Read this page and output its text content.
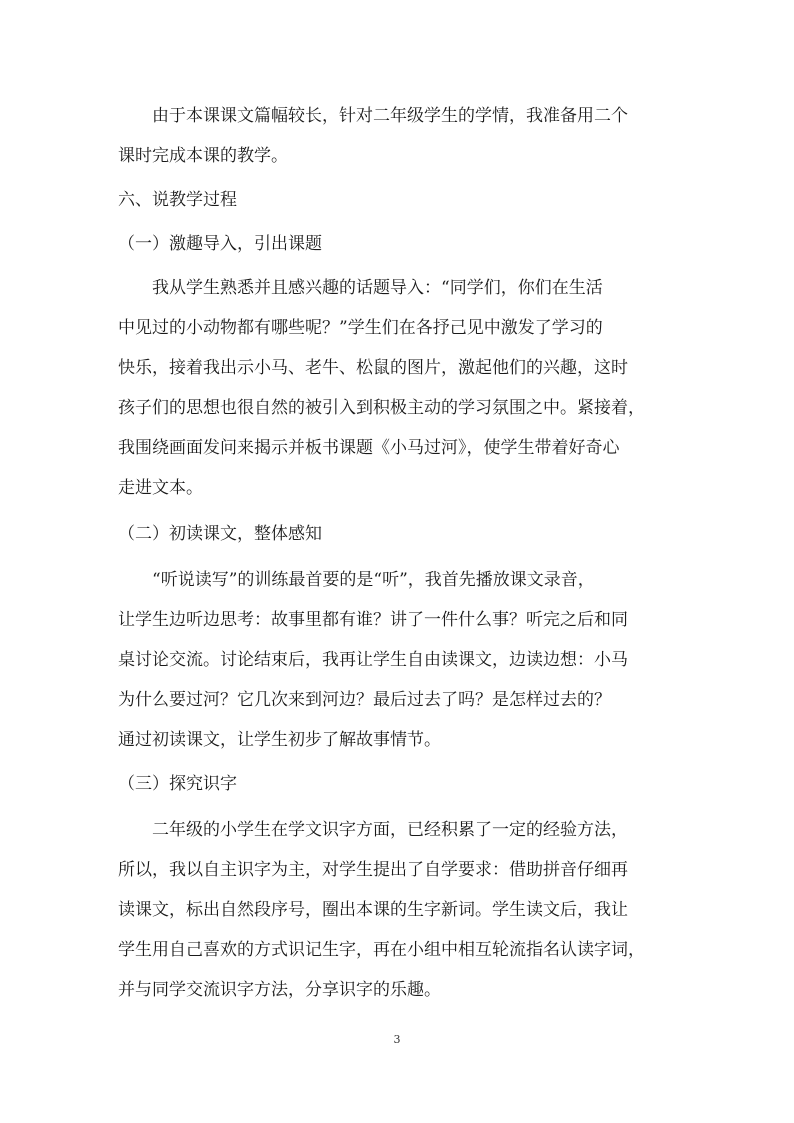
由于本课课文篇幅较长，针对二年级学生的学情，我准备用二个
课时完成本课的教学。
六、说教学过程
（一）激趣导入，引出课题
我从学生熟悉并且感兴趣的话题导入：“同学们，你们在生活
中见过的小动物都有哪些呢？”学生们在各抒己见中激发了学习的
快乐，接着我出示小马、老牛、松鼠的图片，激起他们的兴趣，这时
孩子们的思想也很自然的被引入到积极主动的学习氛围之中。紧接着，
我围绕画面发问来揭示并板书课题《小马过河》，使学生带着好奇心
走进文本。
（二）初读课文，整体感知
“听说读写”的训练最首要的是“听”，我首先播放课文录音，
让学生边听边思考：故事里都有谁？讲了一件什么事？听完之后和同
桌讨论交流。讨论结束后，我再让学生自由读课文，边读边想：小马
为什么要过河？它几次来到河边？最后过去了吗？是怎样过去的？
通过初读课文，让学生初步了解故事情节。
（三）探究识字
二年级的小学生在学文识字方面，已经积累了一定的经验方法，
所以，我以自主识字为主，对学生提出了自学要求：借助拼音仔细再
读课文，标出自然段序号，圈出本课的生字新词。学生读文后，我让
学生用自己喜欢的方式识记生字，再在小组中相互轮流指名认读字词，
并与同学交流识字方法，分享识字的乐趣。
3
